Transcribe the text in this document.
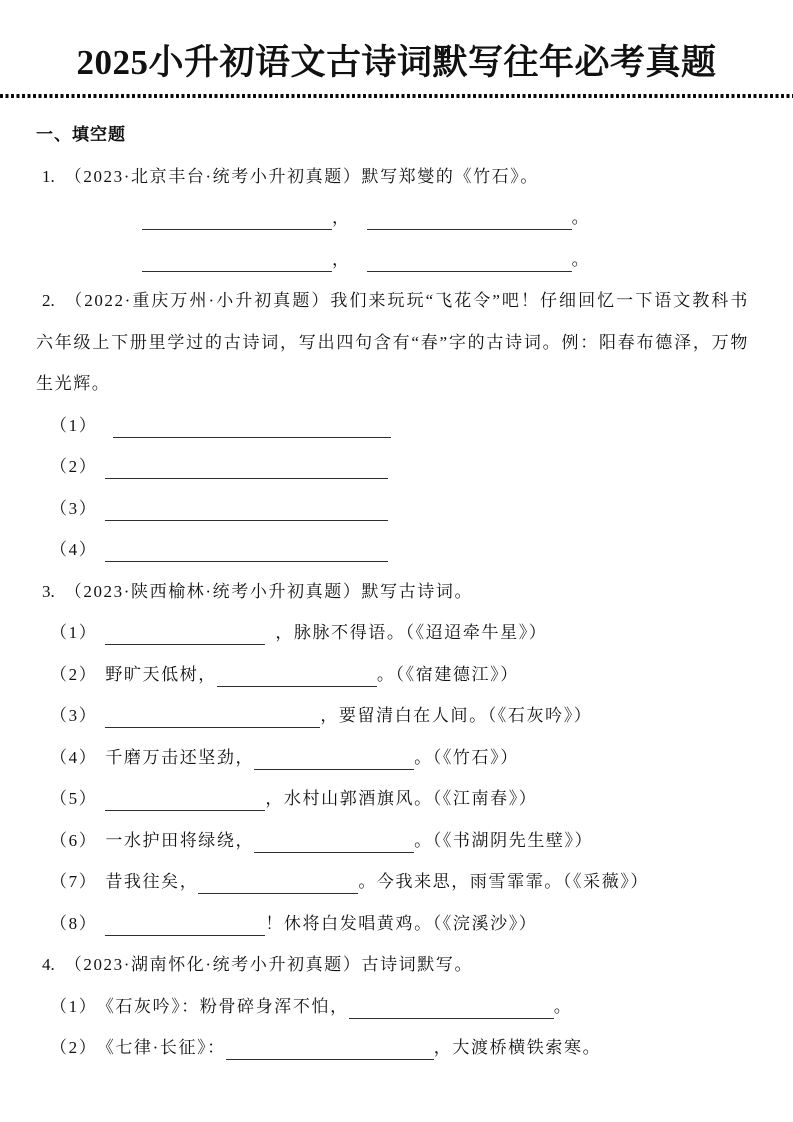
2025小升初语文古诗词默写往年必考真题
一、填空题
1. （2023·北京丰台·统考小升初真题）默写郑燮的《竹石》。
，	。
，	。
2. （2022·重庆万州·小升初真题）我们来玩玩“飞花令”吧！仔细回忆一下语文教科书六年级上下册里学过的古诗词，写出四句含有“春”字的古诗词。例：阳春布德泽，万物生光辉。
（1）
（2）
（3）
（4）
3. （2023·陕西榆林·统考小升初真题）默写古诗词。
（1）	，脉脉不得语。（《迢迢牵牛星》）
（2） 野旷天低树，	。（《宿建德江》）
（3）	，要留清白在人间。（《石灰吟》）
（4） 千磨万击还坚劲，	。（《竹石》）
（5）	，水村山郭酒旗风。（《江南春》）
（6） 一水护田将绿绕，	。（《书湖阴先生壁》）
（7） 昔我往矣，	。今我来思，雨雪霏霏。（《采薇》）
（8）	！休将白发唱黄鸡。（《浣溪沙》）
4. （2023·湖南怀化·统考小升初真题）古诗词默写。
（1） 《石灰吟》：粉骨碎身浑不怕，	。
（2） 《七律·长征》：	，大渡桥横铁索寒。
